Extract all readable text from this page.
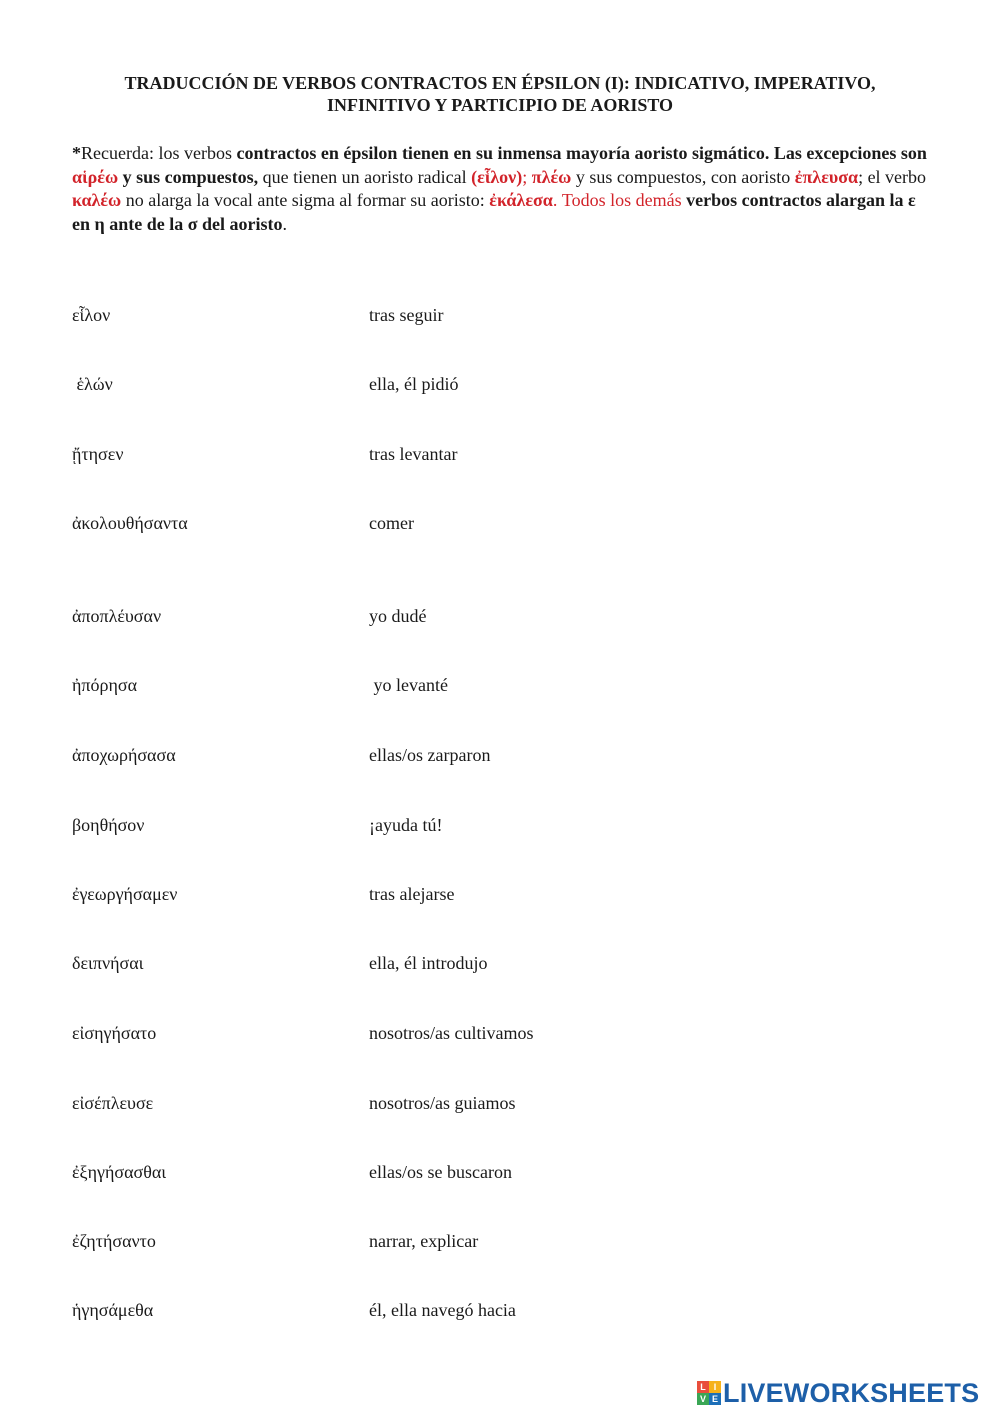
TRADUCCIÓN DE VERBOS CONTRACTOS EN ÉPSILON (I): INDICATIVO, IMPERATIVO,
INFINITIVO Y PARTICIPIO DE AORISTO
*Recuerda: los verbos contractos en épsilon tienen en su inmensa mayoría aoristo sigmático. Las excepciones son αἱρέω y sus compuestos, que tienen un aoristo radical (εἷλον); πλέω y sus compuestos, con aoristo ἐπλευσα; el verbo καλέω no alarga la vocal ante sigma al formar su aoristo: ἐκάλεσα. Todos los demás verbos contractos alargan la ε en η ante de la σ del aoristo.
εἷλον	tras seguir
ἑλών	ella, él pidió
ᾔτησεν	tras levantar
ἀκολουθήσαντα	comer
ἀποπλέυσαν	yo dudé
ἠπόρησα	yo levanté
ἀποχωρήσασα	ellas/os zarparon
βοηθήσον	¡ayuda tú!
ἐγεωργήσαμεν	tras alejarse
δειπνήσαι	ella, él introdujo
εἰσηγήσατο	nosotros/as cultivamos
εἰσέπλευσε	nosotros/as guiamos
ἐξηγήσασθαι	ellas/os se buscaron
ἐζητήσαντο	narrar, explicar
ἡγησάμεθα	él, ella navegó hacia
L I
V E LIVEWORKSHEETS
